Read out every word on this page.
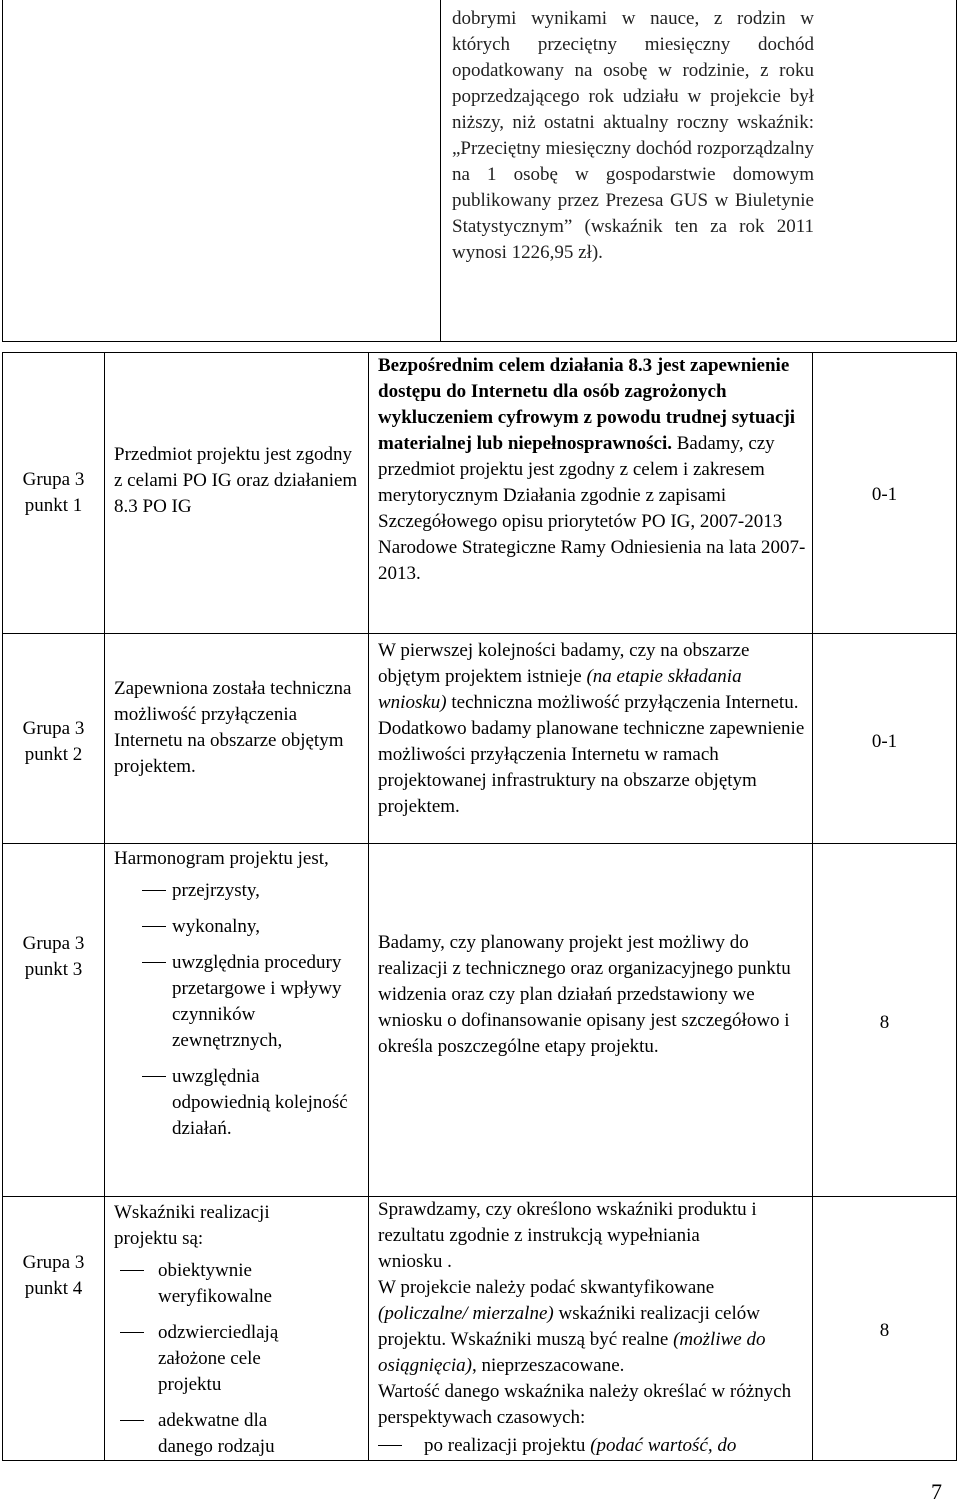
dobrymi wynikami w nauce, z rodzin w których przeciętny miesięczny dochód opodatkowany na osobę w rodzinie, z roku poprzedzającego rok udziału w projekcie był niższy, niż ostatni aktualny roczny wskaźnik: „Przeciętny miesięczny dochód rozporządzalny na 1 osobę w gospodarstwie domowym publikowany przez Prezesa GUS w Biuletynie Statystycznym” (wskaźnik ten za rok 2011 wynosi 1226,95 zł).
Grupa 3
punkt 1
Przedmiot projektu jest zgodny z celami PO IG oraz działaniem 8.3 PO IG
Bezpośrednim celem działania 8.3 jest zapewnienie dostępu do Internetu dla osób zagrożonych wykluczeniem cyfrowym z powodu trudnej sytuacji materialnej lub niepełnosprawności. Badamy, czy przedmiot projektu jest zgodny z celem i zakresem merytorycznym Działania zgodnie z zapisami Szczegółowego opisu priorytetów PO IG, 2007-2013 Narodowe Strategiczne Ramy Odniesienia na lata 2007-2013.
0-1
Grupa 3
punkt 2
Zapewniona została techniczna możliwość przyłączenia Internetu na obszarze objętym projektem.
W pierwszej kolejności badamy, czy na obszarze objętym projektem istnieje (na etapie składania wniosku) techniczna możliwość przyłączenia Internetu.
Dodatkowo badamy planowane techniczne zapewnienie możliwości przyłączenia Internetu w ramach projektowanej infrastruktury na obszarze objętym projektem.
0-1
Grupa 3
punkt 3
Harmonogram projektu jest,
przejrzysty,
wykonalny,
uwzględnia procedury przetargowe i wpływy czynników zewnętrznych,
uwzględnia odpowiednią kolejność działań.
Badamy, czy planowany projekt jest możliwy do realizacji z technicznego oraz organizacyjnego punktu widzenia oraz czy plan działań przedstawiony we wniosku o dofinansowanie opisany jest szczegółowo i określa poszczególne etapy projektu.
8
Grupa 3
punkt 4
Wskaźniki realizacji projektu są:
obiektywnie weryfikowalne
odzwierciedlają założone cele projektu
adekwatne dla danego rodzaju
Sprawdzamy, czy określono wskaźniki produktu i rezultatu zgodnie z instrukcją wypełniania wniosku .
W projekcie należy podać skwantyfikowane (policzalne/ mierzalne) wskaźniki realizacji celów projektu. Wskaźniki muszą być realne (możliwe do osiągnięcia), nieprzeszacowane.
Wartość danego wskaźnika należy określać w różnych perspektywach czasowych:
po realizacji projektu (podać wartość, do
8
7
